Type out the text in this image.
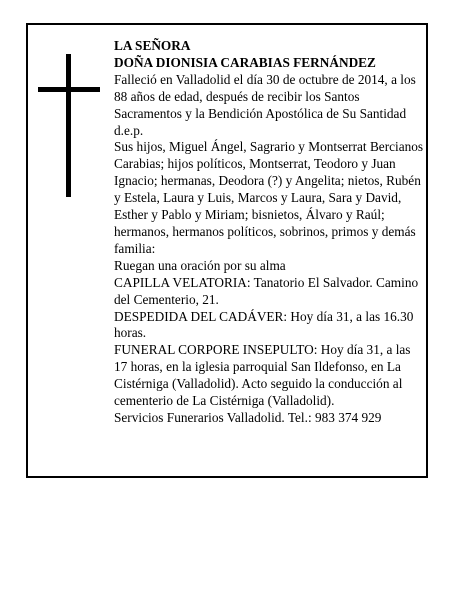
LA SEÑORA

DOÑA DIONISIA CARABIAS FERNÁNDEZ

Falleció en Valladolid el día 30 de octubre de 2014, a los 88 años de edad, después de recibir los Santos Sacramentos y la Bendición Apostólica de Su Santidad d.e.p.

Sus hijos, Miguel Ángel, Sagrario y Montserrat Bercianos Carabias; hijos políticos, Montserrat, Teodoro y Juan Ignacio; hermanas, Deodora (?) y Angelita; nietos, Rubén y Estela, Laura y Luis, Marcos y Laura, Sara y David, Esther y Pablo y Miriam; bisnietos, Álvaro y Raúl; hermanos, hermanos políticos, sobrinos, primos y demás familia:

Ruegan una oración por su alma

CAPILLA VELATORIA: Tanatorio El Salvador. Camino del Cementerio, 21.

DESPEDIDA DEL CADÁVER: Hoy día 31, a las 16.30 horas.

FUNERAL CORPORE INSEPULTO: Hoy día 31, a las 17 horas, en la iglesia parroquial San Ildefonso, en La Cistérniga (Valladolid). Acto seguido la conducción al cementerio de La Cistérniga (Valladolid).

Servicios Funerarios Valladolid. Tel.: 983 374 929
